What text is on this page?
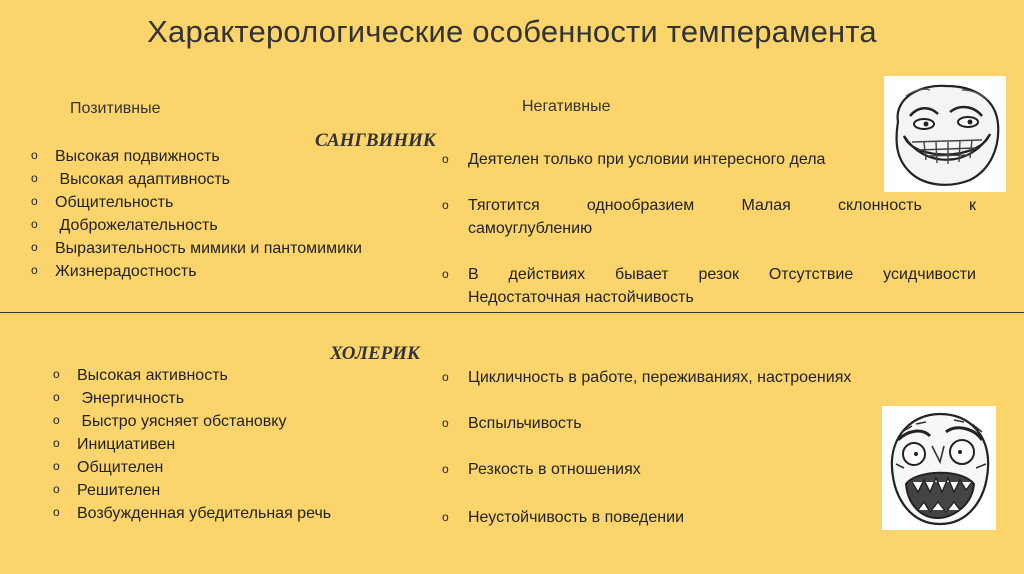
Характерологические особенности темперамента
Позитивные	Негативные
САНГВИНИК
o Высокая подвижность
o Высокая адаптивность
o Общительность
o Доброжелательность
o Выразительность мимики и пантомимики
o Жизнерадостность
o Деятелен только при условии интересного дела
o Тяготится однообразием Малая склонность к
самоуглублению
o В действиях бывает резок Отсутствие усидчивости
Недостаточная настойчивость
ХОЛЕРИК
o Высокая активность
o Энергичность
o Быстро уясняет обстановку
o Инициативен
o Общителен
o Решителен
o Возбужденная убедительная речь
o Цикличность в работе, переживаниях, настроениях
o Вспыльчивость
o Резкость в отношениях
o Неустойчивость в поведении
